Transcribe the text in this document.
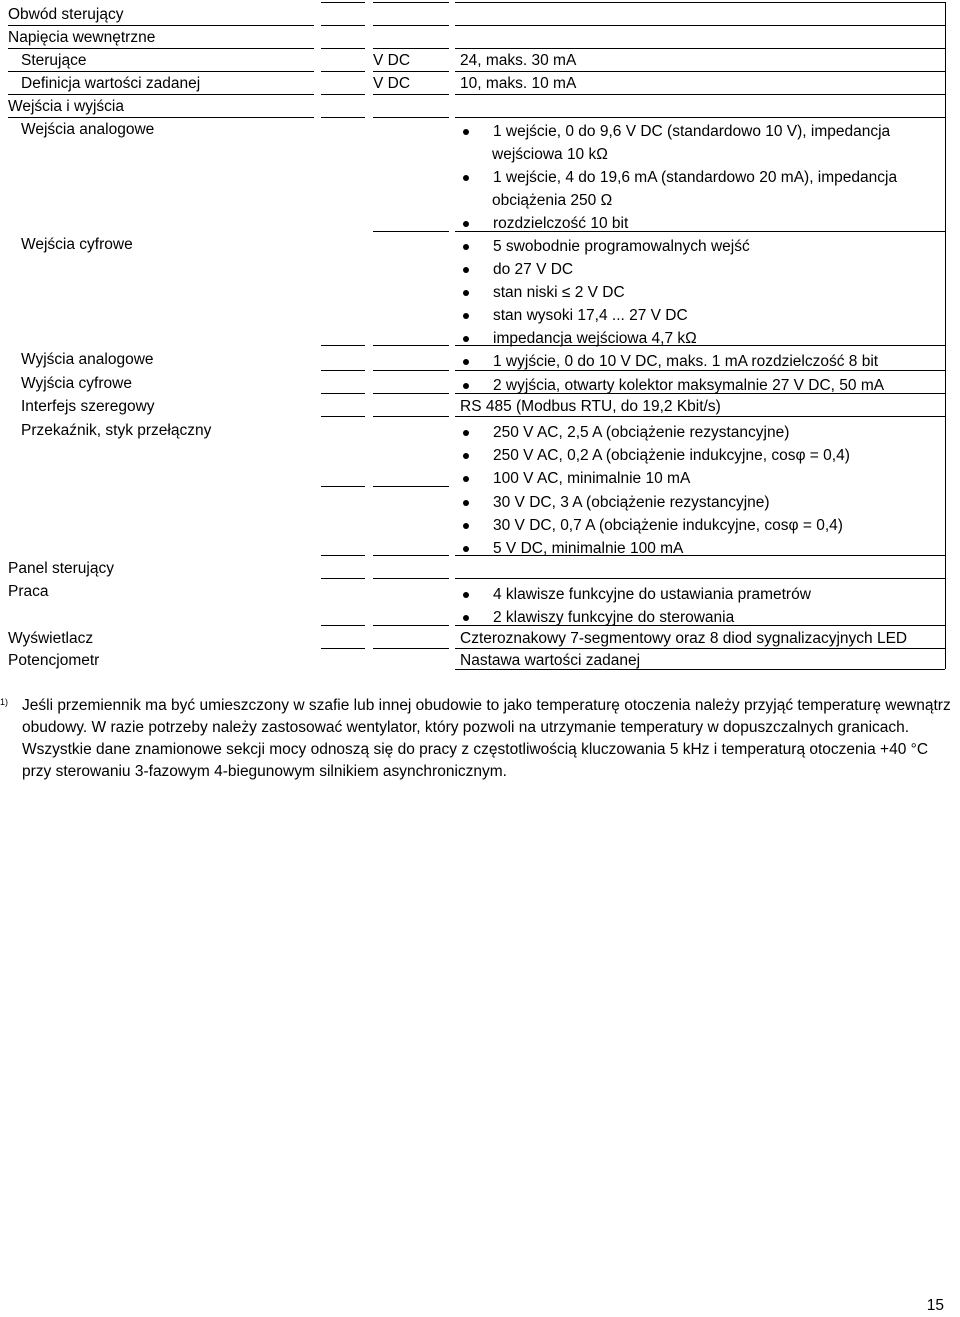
Obwód sterujący
Napięcia wewnętrzne
Sterujące	V DC	24, maks. 30 mA
Definicja wartości zadanej	V DC	10, maks. 10 mA
Wejścia i wyjścia
Wejścia analogowe	1 wejście, 0 do 9,6 V DC (standardowo 10 V), impedancja
wejściowa 10 kΩ
1 wejście, 4 do 19,6 mA (standardowo 20 mA), impedancja
obciążenia 250 Ω
rozdzielczość 10 bit
Wejścia cyfrowe	5 swobodnie programowalnych wejść
do 27 V DC
stan niski ≤ 2 V DC
stan wysoki 17,4 ... 27 V DC
impedancja wejściowa 4,7 kΩ
Wyjścia analogowe	1 wyjście, 0 do 10 V DC, maks. 1 mA rozdzielczość 8 bit
Wyjścia cyfrowe	2 wyjścia, otwarty kolektor maksymalnie 27 V DC, 50 mA
Interfejs szeregowy	RS 485 (Modbus RTU, do 19,2 Kbit/s)
Przekaźnik, styk przełączny	250 V AC, 2,5 A (obciążenie rezystancyjne)
250 V AC, 0,2 A (obciążenie indukcyjne, cosφ = 0,4)
100 V AC, minimalnie 10 mA
30 V DC, 3 A (obciążenie rezystancyjne)
30 V DC, 0,7 A (obciążenie indukcyjne, cosφ = 0,4)
5 V DC, minimalnie 100 mA
Panel sterujący
Praca	4 klawisze funkcyjne do ustawiania prametrów
2 klawiszy funkcyjne do sterowania
Wyświetlacz	Czteroznakowy 7-segmentowy oraz 8 diod sygnalizacyjnych LED
Potencjometr	Nastawa wartości zadanej
1) Jeśli przemiennik ma być umieszczony w szafie lub innej obudowie to jako temperaturę otoczenia należy przyjąć temperaturę wewnątrz
obudowy. W razie potrzeby należy zastosować wentylator, który pozwoli na utrzymanie temperatury w dopuszczalnych granicach.
Wszystkie dane znamionowe sekcji mocy odnoszą się do pracy z częstotliwością kluczowania 5 kHz i temperaturą otoczenia +40 °C
przy sterowaniu 3-fazowym 4-biegunowym silnikiem asynchronicznym.
15
